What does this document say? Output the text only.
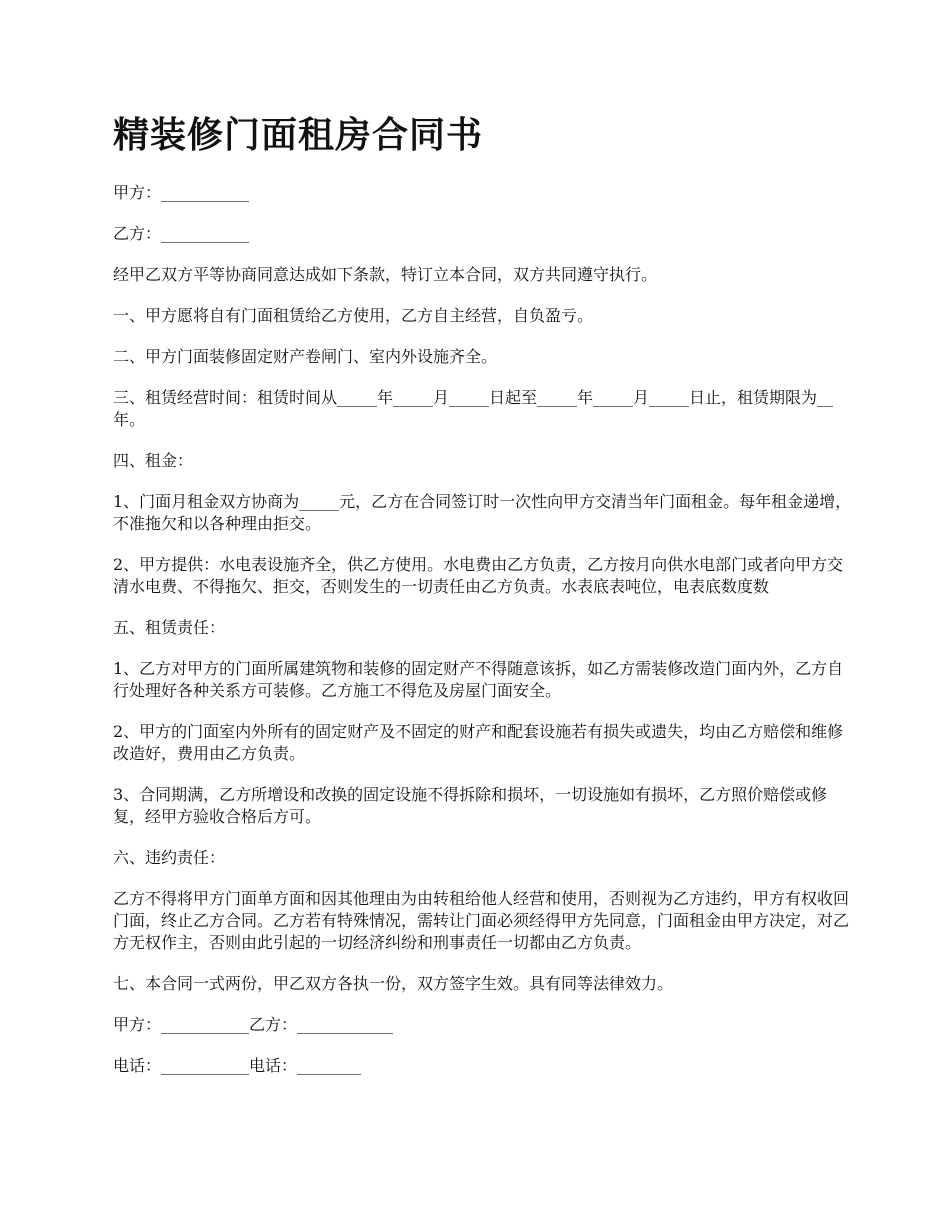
精装修门面租房合同书

甲方：___________

乙方：___________

经甲乙双方平等协商同意达成如下条款，特订立本合同，双方共同遵守执行。

一、甲方愿将自有门面租赁给乙方使用，乙方自主经营，自负盈亏。

二、甲方门面装修固定财产卷闸门、室内外设施齐全。

三、租赁经营时间：租赁时间从_____年_____月_____日起至_____年_____月_____日止，租赁期限为__年。

四、租金：

1、门面月租金双方协商为_____元，乙方在合同签订时一次性向甲方交清当年门面租金。每年租金递增，不准拖欠和以各种理由拒交。

2、甲方提供：水电表设施齐全，供乙方使用。水电费由乙方负责，乙方按月向供水电部门或者向甲方交清水电费、不得拖欠、拒交，否则发生的一切责任由乙方负责。水表底表吨位，电表底数度数

五、租赁责任：

1、乙方对甲方的门面所属建筑物和装修的固定财产不得随意该拆，如乙方需装修改造门面内外，乙方自行处理好各种关系方可装修。乙方施工不得危及房屋门面安全。

2、甲方的门面室内外所有的固定财产及不固定的财产和配套设施若有损失或遗失，均由乙方赔偿和维修改造好，费用由乙方负责。

3、合同期满，乙方所增设和改换的固定设施不得拆除和损坏，一切设施如有损坏，乙方照价赔偿或修复，经甲方验收合格后方可。

六、违约责任：

乙方不得将甲方门面单方面和因其他理由为由转租给他人经营和使用，否则视为乙方违约，甲方有权收回门面，终止乙方合同。乙方若有特殊情况，需转让门面必须经得甲方先同意，门面租金由甲方决定，对乙方无权作主，否则由此引起的一切经济纠纷和刑事责任一切都由乙方负责。

七、本合同一式两份，甲乙双方各执一份，双方签字生效。具有同等法律效力。

甲方：___________乙方：____________

电话：___________电话：________
